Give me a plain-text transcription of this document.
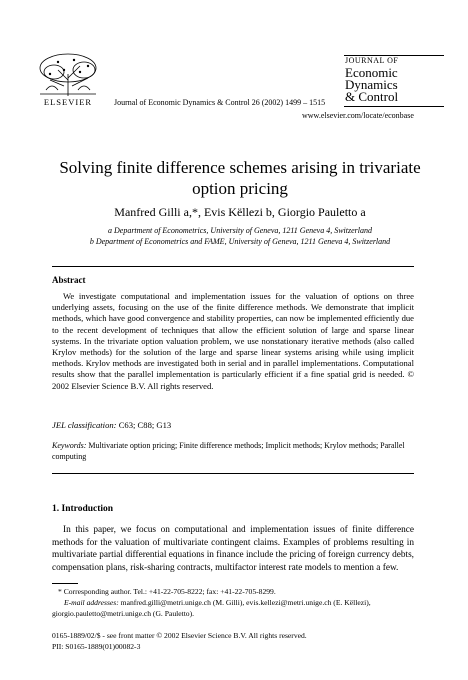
ELSEVIER	Journal of Economic Dynamics & Control 26 (2002) 1499 – 1515
JOURNAL OF
Economic
Dynamics
& Control
www.elsevier.com/locate/econbase
Solving finite difference schemes arising in trivariate option pricing
Manfred Gilli a,*, Evis Këllezi b, Giorgio Pauletto a
a Department of Econometrics, University of Geneva, 1211 Geneva 4, Switzerland
b Department of Econometrics and FAME, University of Geneva, 1211 Geneva 4, Switzerland
Abstract
We investigate computational and implementation issues for the valuation of options on three underlying assets, focusing on the use of the finite difference methods. We demonstrate that implicit methods, which have good convergence and stability properties, can now be implemented efficiently due to the recent development of techniques that allow the efficient solution of large and sparse linear systems. In the trivariate option valuation problem, we use nonstationary iterative methods (also called Krylov methods) for the solution of the large and sparse linear systems arising while using implicit methods. Krylov methods are investigated both in serial and in parallel implementations. Computational results show that the parallel implementation is particularly efficient if a fine spatial grid is needed. © 2002 Elsevier Science B.V. All rights reserved.
JEL classification: C63; C88; G13
Keywords: Multivariate option pricing; Finite difference methods; Implicit methods; Krylov methods; Parallel computing
1. Introduction
In this paper, we focus on computational and implementation issues of finite difference methods for the valuation of multivariate contingent claims. Examples of problems resulting in multivariate partial differential equations in finance include the pricing of foreign currency debts, compensation plans, risk-sharing contracts, multifactor interest rate models to mention a few.
* Corresponding author. Tel.: +41-22-705-8222; fax: +41-22-705-8299.
E-mail addresses: manfred.gilli@metri.unige.ch (M. Gilli), evis.kellezi@metri.unige.ch (E. Këllezi), giorgio.pauletto@metri.unige.ch (G. Pauletto).
0165-1889/02/$ - see front matter © 2002 Elsevier Science B.V. All rights reserved.
PII: S0165-1889(01)00082-3
